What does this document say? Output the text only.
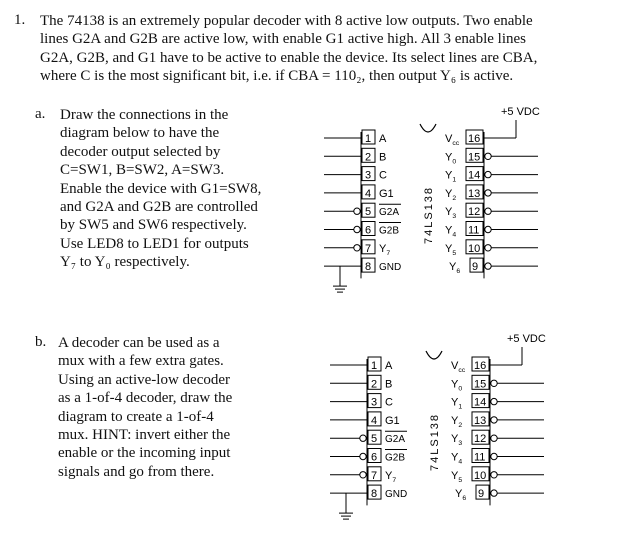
1. The 74138 is an extremely popular decoder with 8 active low outputs. Two enable
lines G2A and G2B are active low, with enable G1 active high. All 3 enable lines
G2A, G2B, and G1 have to be active to enable the device. Its select lines are CBA,
where C is the most significant bit, i.e. if CBA = 110₂, then output Y₆ is active.
a. Draw the connections in the
diagram below to have the
decoder output selected by
C=SW1, B=SW2, A=SW3.
Enable the device with G1=SW8,
and G2A and G2B are controlled
by SW5 and SW6 respectively.
Use LED8 to LED1 for outputs
Y₇ to Y₀ respectively.
b. A decoder can be used as a
mux with a few extra gates.
Using an active-low decoder
as a 1-of-4 decoder, draw the
diagram to create a 1-of-4
mux. HINT: invert either the
enable or the incoming input
signals and go from there.
+5 VDC
74LS138
1 A
2 B
3 C
4 G1
5 G2A
6 G2B
7 $Y_7$
8 GND
16
$V_{cc}$
15
$Y_0$
14
$Y_1$
13
$Y_2$
12
$Y_3$
11
$Y_4$
10
$Y_5$
9
$Y_6$
+5 VDC
74LS138
1 A
2 B
3 C
4 G1
5 G2A
6 G2B
7 $Y_7$
8 GND
16
$V_{cc}$
15
$Y_0$
14
$Y_1$
13
$Y_2$
12
$Y_3$
11
$Y_4$
10
$Y_5$
9
$Y_6$
